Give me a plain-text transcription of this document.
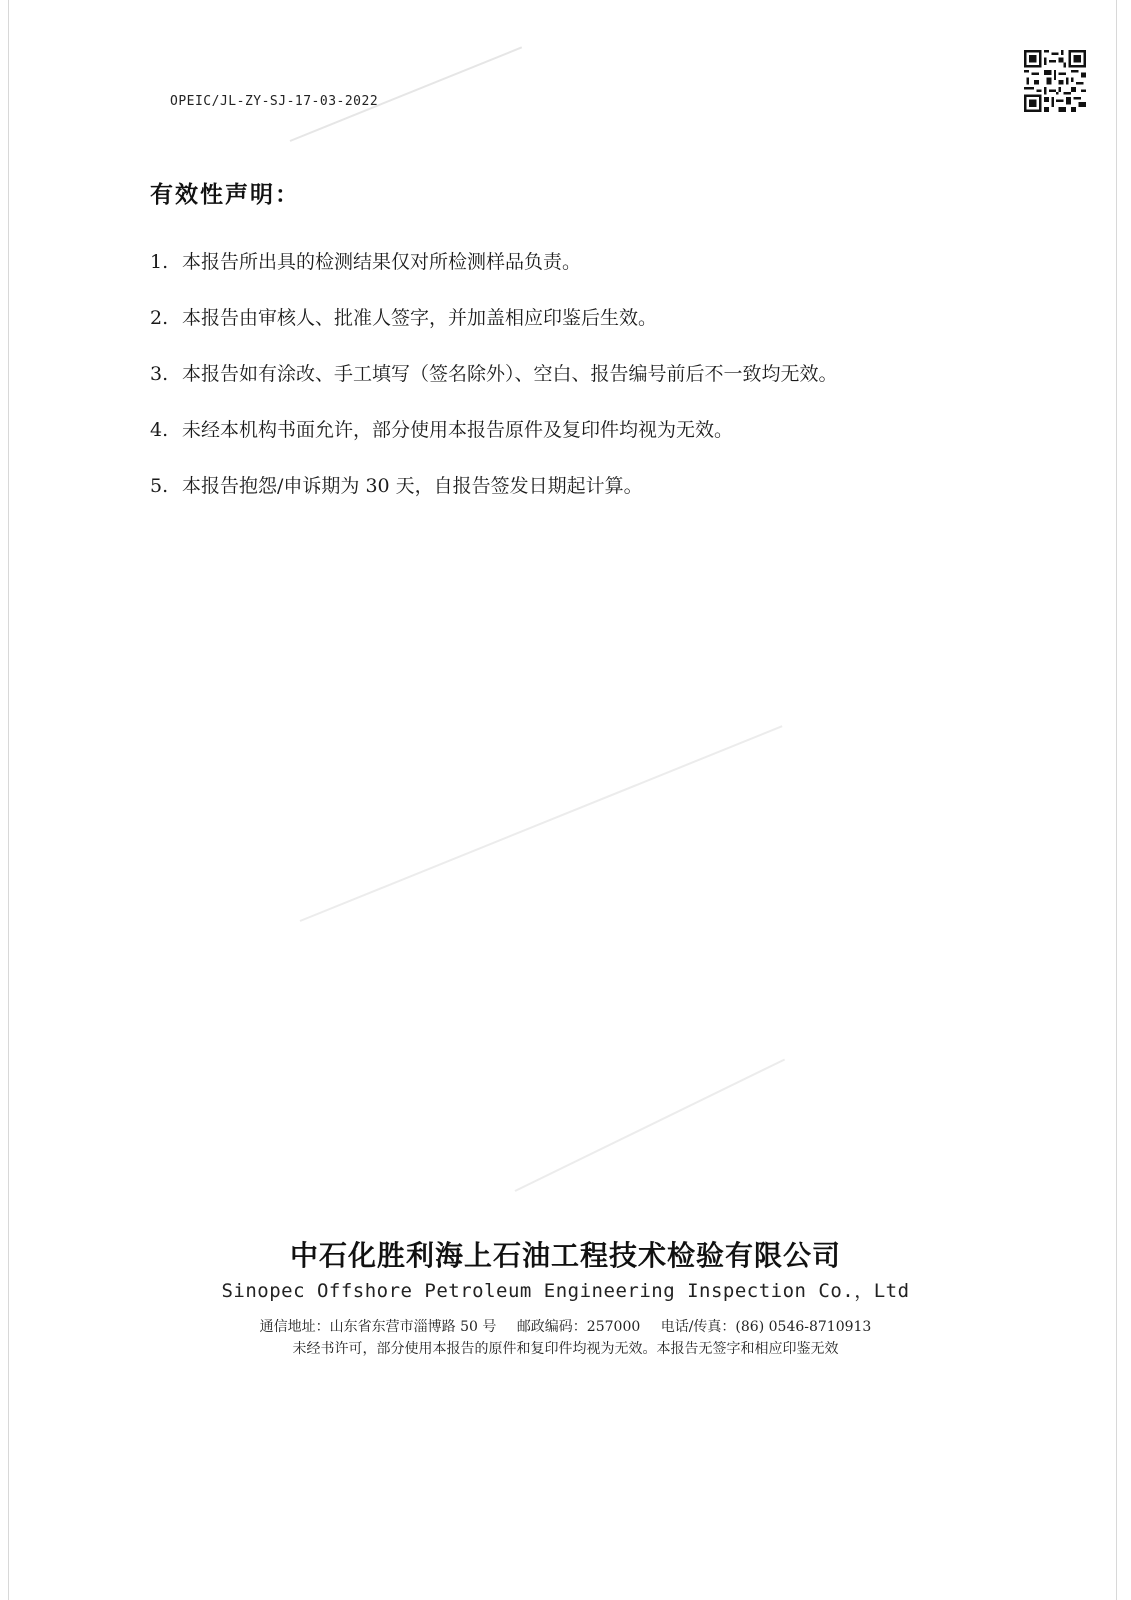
OPEIC/JL-ZY-SJ-17-03-2022
有效性声明：
1. 本报告所出具的检测结果仅对所检测样品负责。
2. 本报告由审核人、批准人签字，并加盖相应印鉴后生效。
3. 本报告如有涂改、手工填写（签名除外）、空白、报告编号前后不一致均无效。
4. 未经本机构书面允许，部分使用本报告原件及复印件均视为无效。
5. 本报告抱怨/申诉期为 30 天，自报告签发日期起计算。
中石化胜利海上石油工程技术检验有限公司
Sinopec Offshore Petroleum Engineering Inspection Co.，Ltd
通信地址：山东省东营市淄博路 50 号 邮政编码：257000 电话/传真：(86) 0546-8710913
未经书许可，部分使用本报告的原件和复印件均视为无效。本报告无签字和相应印鉴无效
